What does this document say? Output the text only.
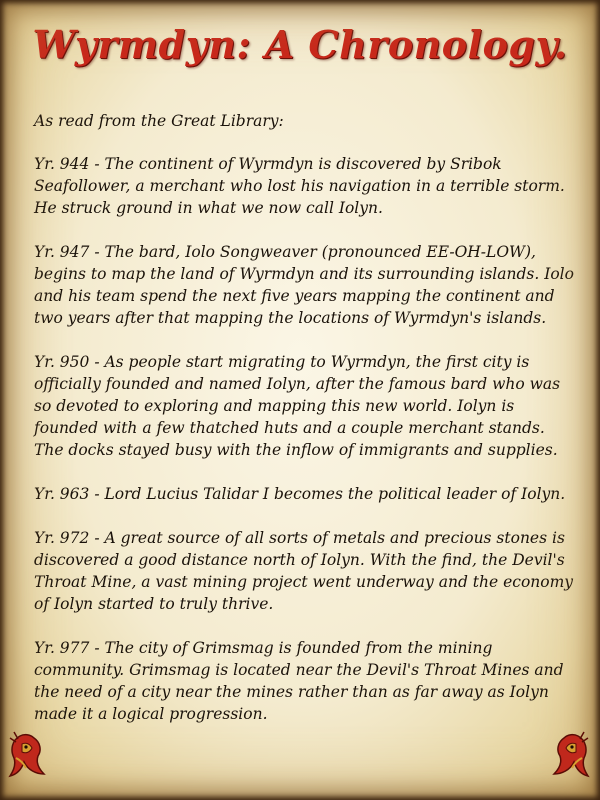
Wyrmdyn: A Chronology.

As read from the Great Library:

Yr. 944 - The continent of Wyrmdyn is discovered by Sribok Seafollower, a merchant who lost his navigation in a terrible storm. He struck ground in what we now call Iolyn.

Yr. 947 - The bard, Iolo Songweaver (pronounced EE-OH-LOW), begins to map the land of Wyrmdyn and its surrounding islands. Iolo and his team spend the next five years mapping the continent and two years after that mapping the locations of Wyrmdyn's islands.

Yr. 950 - As people start migrating to Wyrmdyn, the first city is officially founded and named Iolyn, after the famous bard who was so devoted to exploring and mapping this new world. Iolyn is founded with a few thatched huts and a couple merchant stands. The docks stayed busy with the inflow of immigrants and supplies.

Yr. 963 - Lord Lucius Talidar I becomes the political leader of Iolyn.

Yr. 972 - A great source of all sorts of metals and precious stones is discovered a good distance north of Iolyn. With the find, the Devil's Throat Mine, a vast mining project went underway and the economy of Iolyn started to truly thrive.

Yr. 977 - The city of Grimsmag is founded from the mining community. Grimsmag is located near the Devil's Throat Mines and the need of a city near the mines rather than as far away as Iolyn made it a logical progression.
